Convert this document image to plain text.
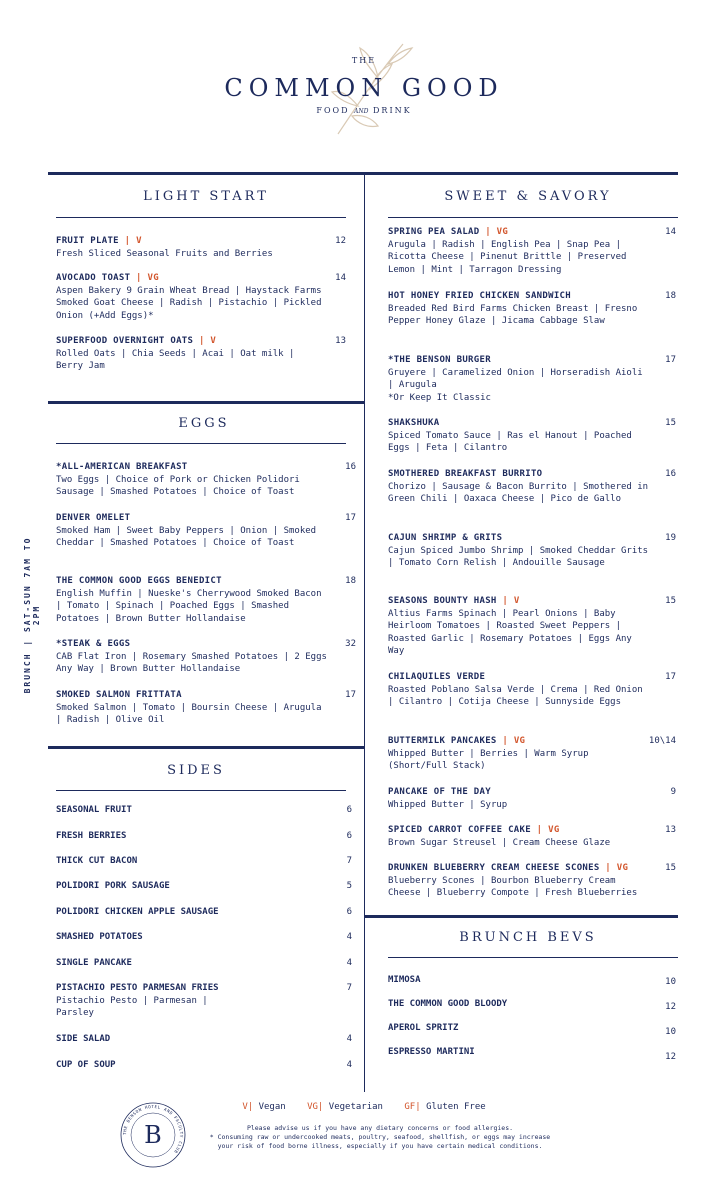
THE
COMMON GOOD
FOOD AND DRINK
BRUNCH | SAT-SUN 7AM TO 2PM
LIGHT START
FRUIT PLATE | V	12
Fresh Sliced Seasonal Fruits and Berries
AVOCADO TOAST | VG	14
Aspen Bakery 9 Grain Wheat Bread | Haystack Farms Smoked Goat Cheese | Radish | Pistachio | Pickled Onion (+Add Eggs)*
SUPERFOOD OVERNIGHT OATS | V	13
Rolled Oats | Chia Seeds | Acai | Oat milk | Berry Jam
EGGS
*ALL-AMERICAN BREAKFAST	16
Two Eggs | Choice of Pork or Chicken Polidori Sausage | Smashed Potatoes | Choice of Toast
DENVER OMELET	17
Smoked Ham | Sweet Baby Peppers | Onion | Smoked Cheddar | Smashed Potatoes | Choice of Toast
THE COMMON GOOD EGGS BENEDICT	18
English Muffin | Nueske's Cherrywood Smoked Bacon | Tomato | Spinach | Poached Eggs | Smashed Potatoes | Brown Butter Hollandaise
*STEAK & EGGS	32
CAB Flat Iron | Rosemary Smashed Potatoes | 2 Eggs Any Way | Brown Butter Hollandaise
SMOKED SALMON FRITTATA	17
Smoked Salmon | Tomato | Boursin Cheese | Arugula | Radish | Olive Oil
SIDES
SEASONAL FRUIT	6
FRESH BERRIES	6
THICK CUT BACON	7
POLIDORI PORK SAUSAGE	5
POLIDORI CHICKEN APPLE SAUSAGE	6
SMASHED POTATOES	4
SINGLE PANCAKE	4
PISTACHIO PESTO PARMESAN FRIES	7
Pistachio Pesto | Parmesan | Parsley
SIDE SALAD	4
CUP OF SOUP	4
SWEET & SAVORY
SPRING PEA SALAD | VG	14
Arugula | Radish | English Pea | Snap Pea | Ricotta Cheese | Pinenut Brittle | Preserved Lemon | Mint | Tarragon Dressing
HOT HONEY FRIED CHICKEN SANDWICH	18
Breaded Red Bird Farms Chicken Breast | Fresno Pepper Honey Glaze | Jicama Cabbage Slaw
*THE BENSON BURGER	17
Gruyere | Caramelized Onion | Horseradish Aioli | Arugula
*Or Keep It Classic
SHAKSHUKA	15
Spiced Tomato Sauce | Ras el Hanout | Poached Eggs | Feta | Cilantro
SMOTHERED BREAKFAST BURRITO	16
Chorizo | Sausage & Bacon Burrito | Smothered in Green Chili | Oaxaca Cheese | Pico de Gallo
CAJUN SHRIMP & GRITS	19
Cajun Spiced Jumbo Shrimp | Smoked Cheddar Grits | Tomato Corn Relish | Andouille Sausage
SEASONS BOUNTY HASH | V	15
Altius Farms Spinach | Pearl Onions | Baby Heirloom Tomatoes | Roasted Sweet Peppers | Roasted Garlic | Rosemary Potatoes | Eggs Any Way
CHILAQUILES VERDE	17
Roasted Poblano Salsa Verde | Crema | Red Onion | Cilantro | Cotija Cheese | Sunnyside Eggs
BUTTERMILK PANCAKES | VG	10\14
Whipped Butter | Berries | Warm Syrup (Short/Full Stack)
PANCAKE OF THE DAY	9
Whipped Butter | Syrup
SPICED CARROT COFFEE CAKE | VG	13
Brown Sugar Streusel | Cream Cheese Glaze
DRUNKEN BLUEBERRY CREAM CHEESE SCONES | VG	15
Blueberry Scones | Bourbon Blueberry Cream Cheese | Blueberry Compote | Fresh Blueberries
BRUNCH BEVS
MIMOSA	10
THE COMMON GOOD BLOODY	12
APEROL SPRITZ	10
ESPRESSO MARTINI	12
THE BENSON HOTEL AND FACULTY CLUB
B
V| Vegan VG| Vegetarian GF| Gluten Free
Please advise us if you have any dietary concerns or food allergies.
* Consuming raw or undercooked meats, poultry, seafood, shellfish, or eggs may increase
your risk of food borne illness, especially if you have certain medical conditions.
